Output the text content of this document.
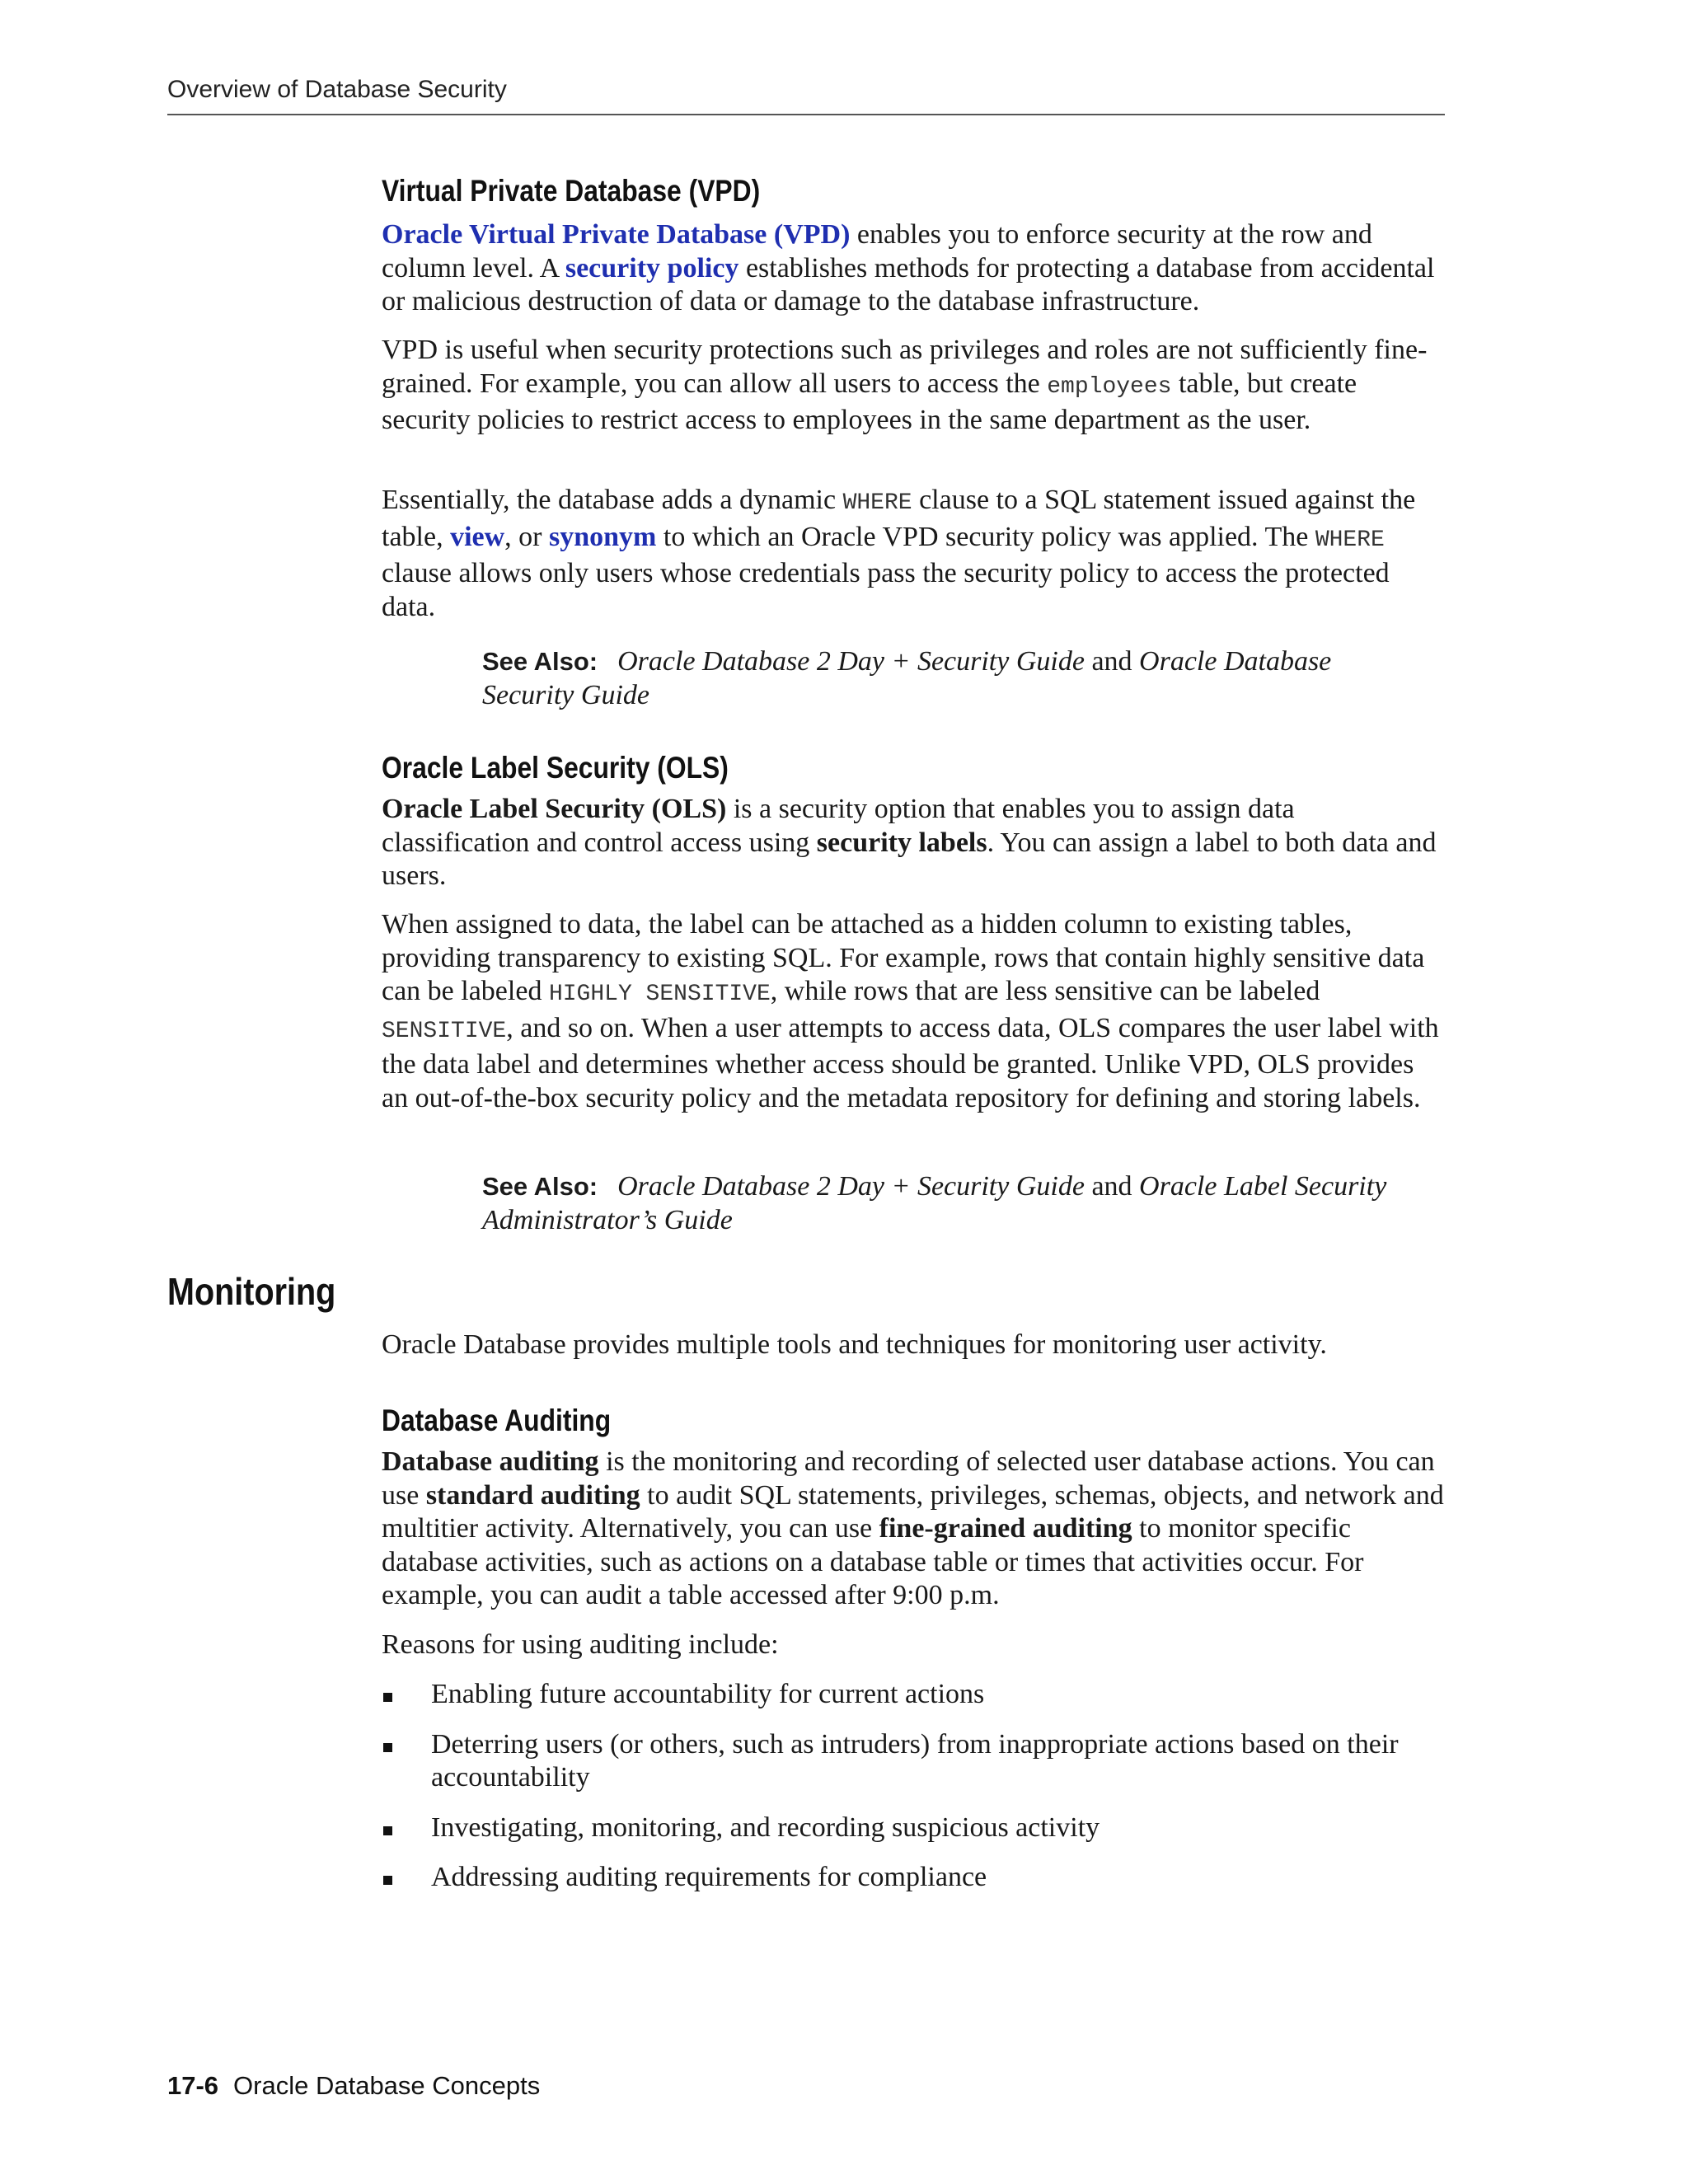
Overview of Database Security
Virtual Private Database (VPD)

Oracle Virtual Private Database (VPD) enables you to enforce security at the row and column level. A security policy establishes methods for protecting a database from accidental or malicious destruction of data or damage to the database infrastructure.

VPD is useful when security protections such as privileges and roles are not sufficiently fine-grained. For example, you can allow all users to access the employees table, but create security policies to restrict access to employees in the same department as the user.

Essentially, the database adds a dynamic WHERE clause to a SQL statement issued against the table, view, or synonym to which an Oracle VPD security policy was applied. The WHERE clause allows only users whose credentials pass the security policy to access the protected data.

See Also: Oracle Database 2 Day + Security Guide and Oracle Database Security Guide
Oracle Label Security (OLS)

Oracle Label Security (OLS) is a security option that enables you to assign data classification and control access using security labels. You can assign a label to both data and users.

When assigned to data, the label can be attached as a hidden column to existing tables, providing transparency to existing SQL. For example, rows that contain highly sensitive data can be labeled HIGHLY SENSITIVE, while rows that are less sensitive can be labeled SENSITIVE, and so on. When a user attempts to access data, OLS compares the user label with the data label and determines whether access should be granted. Unlike VPD, OLS provides an out-of-the-box security policy and the metadata repository for defining and storing labels.

See Also: Oracle Database 2 Day + Security Guide and Oracle Label Security Administrator’s Guide
Monitoring

Oracle Database provides multiple tools and techniques for monitoring user activity.

Database Auditing

Database auditing is the monitoring and recording of selected user database actions. You can use standard auditing to audit SQL statements, privileges, schemas, objects, and network and multitier activity. Alternatively, you can use fine-grained auditing to monitor specific database activities, such as actions on a database table or times that activities occur. For example, you can audit a table accessed after 9:00 p.m.

Reasons for using auditing include:

Enabling future accountability for current actions
Deterring users (or others, such as intruders) from inappropriate actions based on their accountability
Investigating, monitoring, and recording suspicious activity
Addressing auditing requirements for compliance
17-6 Oracle Database Concepts
